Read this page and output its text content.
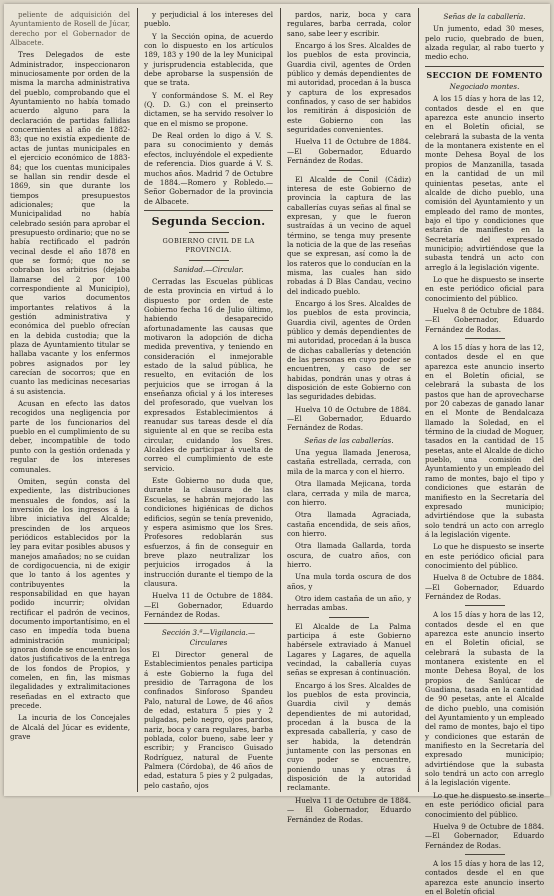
peliente de adquisición del Ayuntamiento de Rosell de Júcar, derecho por el Gobernador de Albacete.

Tres Delegados de este Administrador, inspeccionaron minuciosamente por orden de la misma la marcha administrativa del pueblo, comprobando que el Ayuntamiento no había tomado acuerdo alguno para la declaración de partidas fallidas concernientes al año de 1882-83; que no existía expediente de actas de juntas municipales en el ejercicio económico de 1883-84; que los cuentas municipales se hallan sin rendir desde el 1869, sin que durante los tiempos presupuestos adicionales; que la Municipalidad no había celebrado sesión para aprobar el presupuesto ordinario; que no se había rectificado el padrón vecinal desde el año 1878 en que se formó; que no se cobraban los arbitrios (dejaba llamarse del 2 por 100 correspondiente al Municipio), que varios documentos importantes relativos á la gestión administrativa y económica del pueblo ofrecían en la debida custodia; que la plaza de Ayuntamiento titular se hallaba vacante y los enfermos pobres asignados por ley carecían de socorros; que en cuanto las medicinas necesarias á su asistencia.

Acusan en efecto las datos recogidos una negligencia por parte de los funcionarios del pueblo en el cumplimiento de su deber, incompatible de todo punto con la gestión ordenada y regular de los intereses comunales.

Omiten, según consta del expediente, las distribuciones mensuales de fondos, así la inversión de los ingresos á la libre iniciativa del Alcalde; prescinden de los arqueos periódicos establecidos por la ley para evitar posibles abusos y manejos amañados; no se cuidan de cordigocuencia, ni de exigir que lo tanto á los agentes y contribuyentes la responsabilidad en que hayan podido incurrir; olvidan rectificar el padrón de vecinos, documento importantísimo, en el caso en impedía toda buena administración municipal; ignoran donde se encuentran los datos justificativos de la entrega de los fondos de Propios, y comelen, en fin, las mismas ilegalidades y extralimitaciones reseñadas en el extracto que precede.

La incuria de los Concejales de Alcalá del Júcar es evidente, grave

y perjudicial á los intereses del pueblo.

Y la Sección opina, de acuerdo con lo dispuesto en los artículos 189, 183 y 190 de la ley Municipal y jurisprudencia establecida, que debe aprobarse la suspensión de que se trata.

Y conformándose S. M. el Rey (Q. D. G.) con el preinserto dictamen, se ha servido resolver lo que en el mismo se propone.

De Real orden lo digo á V. S. para su conocimiento y demás efectos, incluyéndole el expediente de referencia. Dios guarde á V. S. muchos años. Madrid 7 de Octubre de 1884.—Romero y Robledo.—Señor Gobernador de la provincia de Albacete.

Segunda Seccion.
GOBIERNO CIVIL DE LA PROVINCIA.
Sanidad.—Circular.

Cerradas las Escuelas públicas de esta provincia en virtud á lo dispuesto por orden de este Gobierno fecha 16 de Julio último, habiendo desaparecido afortunadamente las causas que motivaron la adopción de dicha medida preventiva, y teniendo en consideración el inmejorable estado de la salud pública, he resuelto, en evitación de los perjuicios que se irrogan á la enseñanza oficial y á los intereses del profesorado, que vuelvan los expresados Establecimientos á reanudar sus tareas desde el día siguiente al en que se reciba esta circular, cuidando los Sres. Alcaldes de participar á vuelta de correo el cumplimiento de este servicio.

Este Gobierno no duda que, durante la clausura de las Escuelas, se habrán mejorado las condiciones higiénicas de dichos edificios, según se tenía prevenido, y espera asimismo que los Sres. Profesores redoblarán sus esfuerzos, á fin de conseguir en breve plazo neutralizar los perjuicios irrogados á la instrucción durante el tiempo de la clausura.

Huelva 11 de Octubre de 1884. —El Gobernador, Eduardo Fernández de Rodas.

Sección 3.ª—Vigilancia.—Circulares

El Director general de Establecimientos penales participa á este Gobierno la fuga del presidio de Tarragona de los confinados Sinforoso Spandeu Palo, natural de Lowe, de 46 años de edad, estatura 5 pies y 2 pulgadas, pelo negro, ojos pardos, nariz, boca y cara regulares, barba poblada, color bueno, sabe leer y escribir; y Francisco Guisado Rodríguez, natural de Fuente Palmera (Córdoba), de 46 años de edad, estatura 5 pies y 2 pulgadas, pelo castaño, ojos

pardos, nariz, boca y cara regulares, barba cerrada, color sano, sabe leer y escribir.

Encargo á los Sres. Alcaldes de los pueblos de esta provincia, Guardia civil, agentes de Orden público y demás dependientes de mi autoridad, procedan á la busca y captura de los expresados confinados, y caso de ser habidos los remitirán á disposición de este Gobierno con las seguridades convenientes.

Huelva 11 de Octubre de 1884. —El Gobernador, Eduardo Fernández de Rodas.

El Alcalde de Conil (Cádiz) interesa de este Gobierno de provincia la captura de las caballerías cuyas señas al final se expresan, y que le fueron sustraídas á un vecino de aquel término, se tenga muy presente la noticia de la que de las reseñas que se expresan, así como la de los rateros que lo conducían en la misma, las cuales han sido robadas á D Blas Candau, vecino del indicado pueblo.

Encargo á los Sres. Alcaldes de los pueblos de esta provincia, Guardia civil, agentes de Orden público y demás dependientes de mi autoridad, procedan á la busca de dichas caballerías y detención de las personas en cuyo poder se encuentren, y caso de ser habidas, pondrán unas y otras á disposición de este Gobierno con las seguridades debidas.

Huelva 10 de Octubre de 1884. —El Gobernador, Eduardo Fernández de Rodas.

Señas de las caballerías.

Una yegua llamada Jenerosa, castaña estrellada, cerrada, con mila de la marca y con el hierro.

Otra llamada Mejicana, torda clara, cerrada y mila de marca, con hierro.

Otra llamada Agraciada, castaña encendida, de seis años, con hierro.

Otra llamada Gallarda, torda oscura, de cuatro años, con hierro.

Una mula torda oscura de dos años, y

Otro idem castaña de un año, y herradas ambas.

El Alcalde de La Palma participa á este Gobierno habérsele extraviado á Manuel Lagares y Lagares, de aquella vecindad, la caballería cuyas señas se expresan á continuación.

Encargo á los Sres. Alcaldes de los pueblos de esta provincia, Guardia civil y demás dependientes de mi autoridad, procedan á la busca de la expresada caballería, y caso de ser habida, la detendrán juntamente con las personas en cuyo poder se encuentre, poniendo unas y otras á disposición de la autoridad reclamante.

Huelva 11 de Octubre de 1884. — El Gobernador, Eduardo Fernández de Rodas.

Señas de la caballería.

Un jumento, edad 30 meses, pelo rucio, quebrado de buen, alzada regular, al rabo tuerto y medio echo.

SECCION DE FOMENTO
Negociado montes.

A los 15 días y hora de las 12, contados desde el en que aparezca este anuncio inserto en el Boletín oficial, se celebrará la subasta de la venta de la montanera existente en el monte Dehesa Boyal de los propios de Manzanilla, tasada en la cantidad de un mil quinientas pesetas, ante el alcalde de dicho pueblo, una comisión del Ayuntamiento y un empleado del ramo de montes, bajo el tipo y condiciones que estarán de manifiesto en la Secretaría del expresado municipio; advirtiéndose que la subasta tendrá un acto con arreglo á la legislación vigente.

Lo que he dispuesto se inserte en este periódico oficial para conocimiento del público.

Huelva 8 de Octubre de 1884.—El Gobernador, Eduardo Fernández de Rodas.

A los 15 días y hora de las 12, contados desde el en que aparezca este anuncio inserto en el Boletín oficial, se celebrará la subasta de los pastos que han de aprovecharse por 20 cabezas de ganado lanar en el Monte de Bendalcaza llamado la Soledad, en el término de la ciudad de Moguer, tasados en la cantidad de 15 pesetas, ante el Alcalde de dicho pueblo, una comisión del Ayuntamiento y un empleado del ramo de montes, bajo el tipo y condiciones que estarán de manifiesto en la Secretaría del expresado municipio; advirtiéndose que la subasta solo tendrá un acto con arreglo á la legislación vigente.

Lo que he dispuesto se inserte en este periódico oficial para conocimiento del público.

Huelva 8 de Octubre de 1884.—El Gobernador, Eduardo Fernández de Rodas.

A los 15 días y hora de las 12, contados desde el en que aparezca este anuncio inserto en el Boletín oficial, se celebrará la subasta de la montanera existente en el monte Dehesa Boyal, de los propios de Sanlúcar de Guadiana, tasada en la cantidad de 90 pesetas, ante el Alcalde de dicho pueblo, una comisión del Ayuntamiento y un empleado del ramo de montes, bajo el tipo y condiciones que estarán de manifiesto en la Secretaría del expresado municipio; advirtiéndose que la subasta solo tendrá un acto con arreglo á la legislación vigente.

Lo que he dispuesto se inserte en este periódico oficial para conocimiento del público.

Huelva 9 de Octubre de 1884.—El Gobernador, Eduardo Fernández de Rodas.

A los 15 días y hora de las 12, contados desde el en que aparezca este anuncio inserto en el Boletín oficial
